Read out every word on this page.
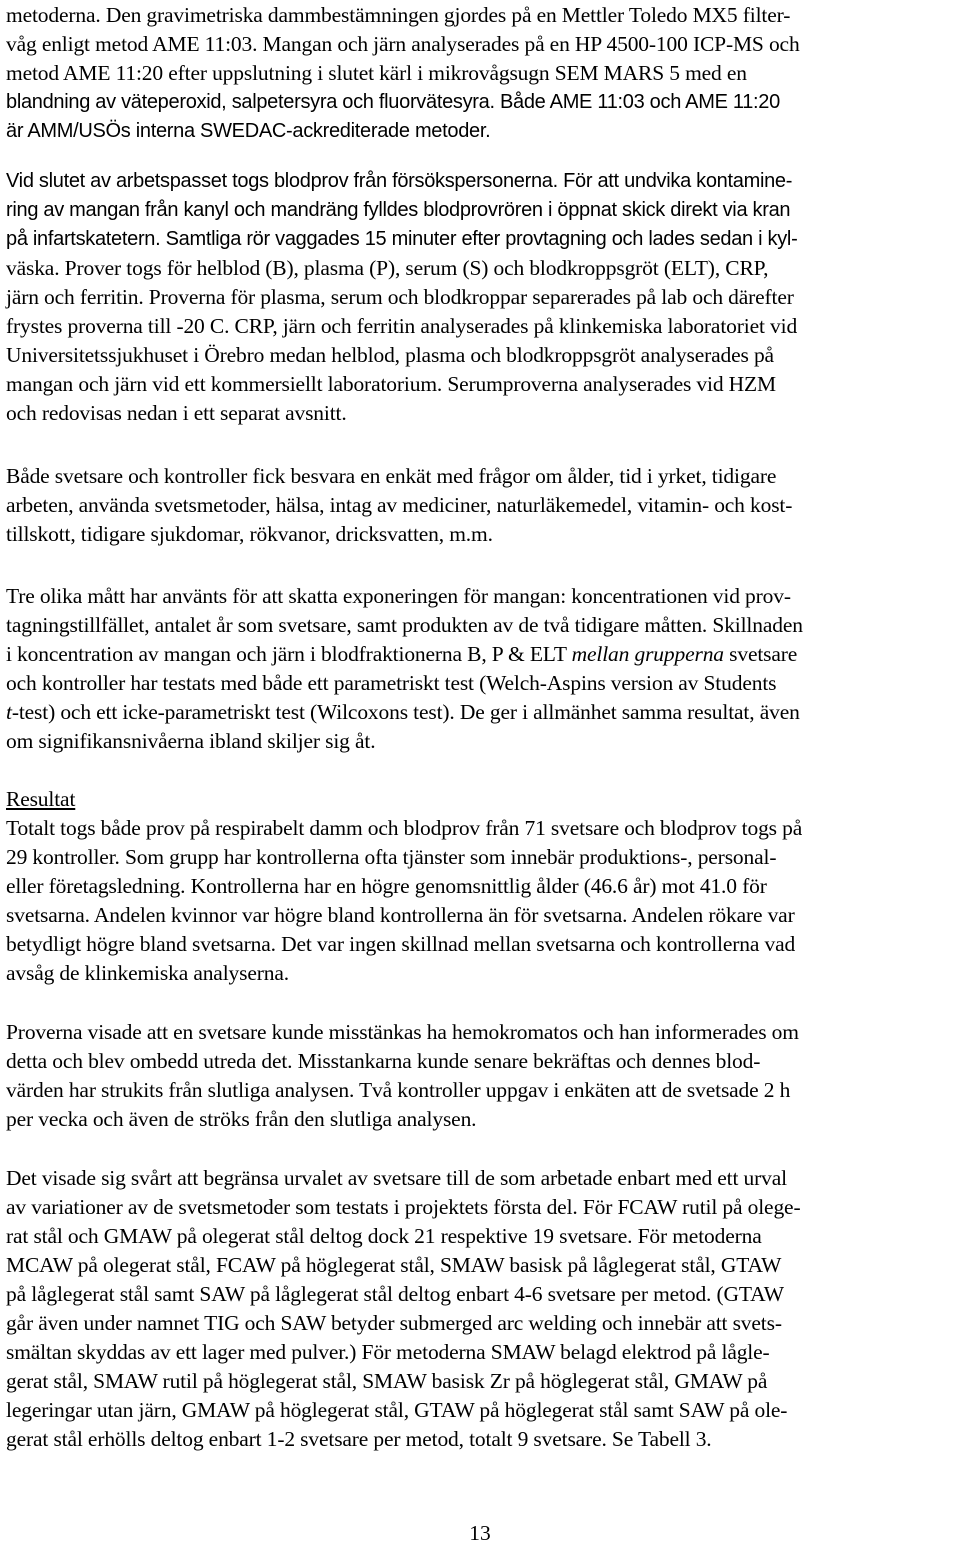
metoderna. Den gravimetriska dammbestämningen gjordes på en Mettler Toledo MX5 filter-

våg enligt metod AME 11:03. Mangan och järn analyserades på en HP 4500-100 ICP-MS och

metod AME 11:20 efter uppslutning i slutet kärl i mikrovågsugn SEM MARS 5 med en

blandning av väteperoxid, salpetersyra och fluorvätesyra. Både AME 11:03 och AME 11:20

är AMM/USÖs interna SWEDAC-ackrediterade metoder.

Vid slutet av arbetspasset togs blodprov från försökspersonerna. För att undvika kontamine-

ring av mangan från kanyl och mandräng fylldes blodprovrören i öppnat skick direkt via kran

på infartskatetern. Samtliga rör vaggades 15 minuter efter provtagning och lades sedan i kyl-

väska. Prover togs för helblod (B), plasma (P), serum (S) och blodkroppsgröt (ELT), CRP,

järn och ferritin. Proverna för plasma, serum och blodkroppar separerades på lab och därefter

frystes proverna till -20 C. CRP, järn och ferritin analyserades på klinkemiska laboratoriet vid

Universitetssjukhuset i Örebro medan helblod, plasma och blodkroppsgröt analyserades på

mangan och järn vid ett kommersiellt laboratorium. Serumproverna analyserades vid HZM

och redovisas nedan i ett separat avsnitt.

Både svetsare och kontroller fick besvara en enkät med frågor om ålder, tid i yrket, tidigare

arbeten, använda svetsmetoder, hälsa, intag av mediciner, naturläkemedel, vitamin- och kost-

tillskott, tidigare sjukdomar, rökvanor, dricksvatten, m.m.

Tre olika mått har använts för att skatta exponeringen för mangan: koncentrationen vid prov-

tagningstillfället, antalet år som svetsare, samt produkten av de två tidigare måtten. Skillnaden

i koncentration av mangan och järn i blodfraktionerna B, P & ELT mellan grupperna svetsare

och kontroller har testats med både ett parametriskt test (Welch-Aspins version av Students

t-test) och ett icke-parametriskt test (Wilcoxons test). De ger i allmänhet samma resultat, även

om signifikansnivåerna ibland skiljer sig åt.

Resultat

Totalt togs både prov på respirabelt damm och blodprov från 71 svetsare och blodprov togs på

29 kontroller. Som grupp har kontrollerna ofta tjänster som innebär produktions-, personal-

eller företagsledning. Kontrollerna har en högre genomsnittlig ålder (46.6 år) mot 41.0 för

svetsarna. Andelen kvinnor var högre bland kontrollerna än för svetsarna. Andelen rökare var

betydligt högre bland svetsarna. Det var ingen skillnad mellan svetsarna och kontrollerna vad

avsåg de klinkemiska analyserna.

Proverna visade att en svetsare kunde misstänkas ha hemokromatos och han informerades om

detta och blev ombedd utreda det. Misstankarna kunde senare bekräftas och dennes blod-

värden har strukits från slutliga analysen. Två kontroller uppgav i enkäten att de svetsade 2 h

per vecka och även de ströks från den slutliga analysen.

Det visade sig svårt att begränsa urvalet av svetsare till de som arbetade enbart med ett urval

av variationer av de svetsmetoder som testats i projektets första del. För FCAW rutil på olege-

rat stål och GMAW på olegerat stål deltog dock 21 respektive 19 svetsare. För metoderna

MCAW på olegerat stål, FCAW på höglegerat stål, SMAW basisk på låglegerat stål, GTAW

på låglegerat stål samt SAW på låglegerat stål deltog enbart 4-6 svetsare per metod. (GTAW

går även under namnet TIG och SAW betyder submerged arc welding och innebär att svets-

smältan skyddas av ett lager med pulver.) För metoderna SMAW belagd elektrod på lågle-

gerat stål, SMAW rutil på höglegerat stål, SMAW basisk Zr på höglegerat stål, GMAW på

legeringar utan järn, GMAW på höglegerat stål, GTAW på höglegerat stål samt SAW på ole-

gerat stål erhölls deltog enbart 1-2 svetsare per metod, totalt 9 svetsare. Se Tabell 3.

13
